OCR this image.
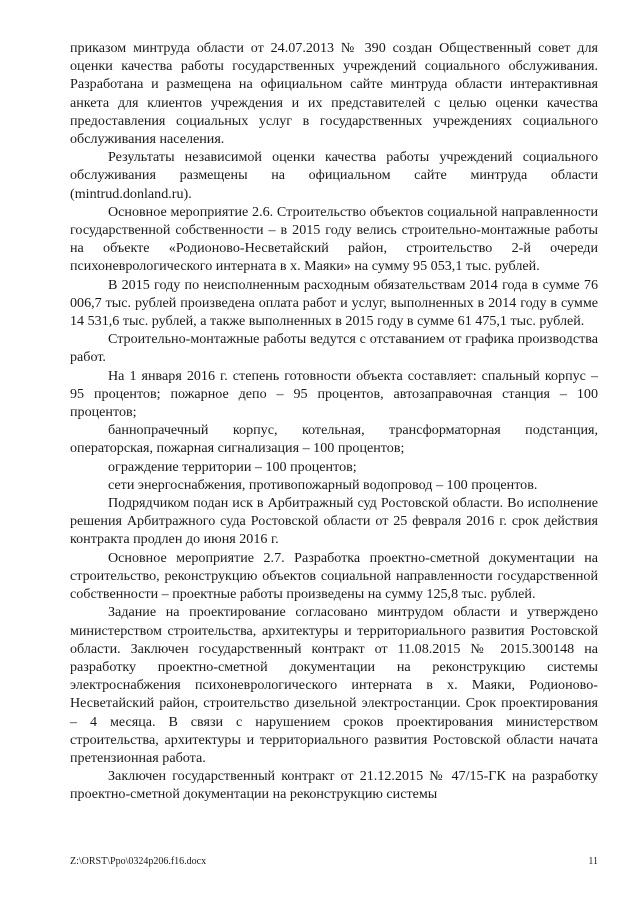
приказом минтруда области от 24.07.2013 № 390 создан Общественный совет для оценки качества работы государственных учреждений социального обслуживания. Разработана и размещена на официальном сайте минтруда области интерактивная анкета для клиентов учреждения и их представителей с целью оценки качества предоставления социальных услуг в государственных учреждениях социального обслуживания населения.

Результаты независимой оценки качества работы учреждений социального обслуживания размещены на официальном сайте минтруда области (mintrud.donland.ru).

Основное мероприятие 2.6. Строительство объектов социальной направленности государственной собственности – в 2015 году велись строительно-монтажные работы на объекте «Родионово-Несветайский район, строительство 2-й очереди психоневрологического интерната в х. Маяки» на сумму 95 053,1 тыс. рублей.

В 2015 году по неисполненным расходным обязательствам 2014 года в сумме 76 006,7 тыс. рублей произведена оплата работ и услуг, выполненных в 2014 году в сумме 14 531,6 тыс. рублей, а также выполненных в 2015 году в сумме 61 475,1 тыс. рублей.

Строительно-монтажные работы ведутся с отставанием от графика производства работ.

На 1 января 2016 г. степень готовности объекта составляет: спальный корпус – 95 процентов; пожарное депо – 95 процентов, автозаправочная станция – 100 процентов;

баннопрачечный корпус, котельная, трансформаторная подстанция, операторская, пожарная сигнализация – 100 процентов;

ограждение территории – 100 процентов;

сети энергоснабжения, противопожарный водопровод – 100 процентов.

Подрядчиком подан иск в Арбитражный суд Ростовской области. Во исполнение решения Арбитражного суда Ростовской области от 25 февраля 2016 г. срок действия контракта продлен до июня 2016 г.

Основное мероприятие 2.7. Разработка проектно-сметной документации на строительство, реконструкцию объектов социальной направленности государственной собственности – проектные работы произведены на сумму 125,8 тыс. рублей.

Задание на проектирование согласовано минтрудом области и утверждено министерством строительства, архитектуры и территориального развития Ростовской области. Заключен государственный контракт от 11.08.2015 № 2015.300148 на разработку проектно-сметной документации на реконструкцию системы электроснабжения психоневрологического интерната в х. Маяки, Родионово-Несветайский район, строительство дизельной электростанции. Срок проектирования – 4 месяца. В связи с нарушением сроков проектирования министерством строительства, архитектуры и территориального развития Ростовской области начата претензионная работа.

Заключен государственный контракт от 21.12.2015 № 47/15-ГК на разработку проектно-сметной документации на реконструкцию системы

Z:\ORST\Ppo\0324p206.f16.docx	11
